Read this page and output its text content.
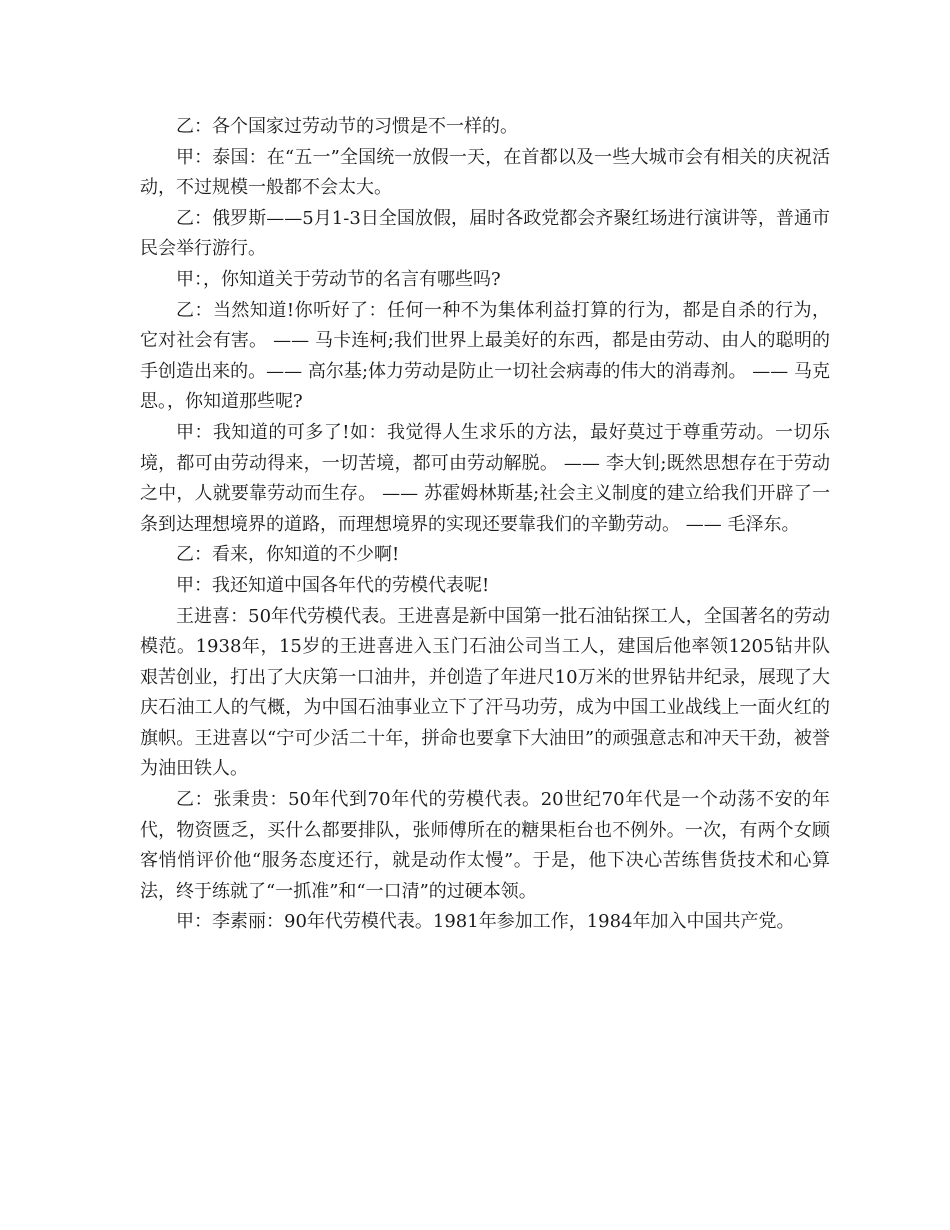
乙：各个国家过劳动节的习惯是不一样的。

甲：泰国：在“五一”全国统一放假一天，在首都以及一些大城市会有相关的庆祝活动，不过规模一般都不会太大。

乙：俄罗斯——5月1-3日全国放假，届时各政党都会齐聚红场进行演讲等，普通市民会举行游行。

甲：，你知道关于劳动节的名言有哪些吗?

乙：当然知道!你听好了：任何一种不为集体利益打算的行为，都是自杀的行为，它对社会有害。 —— 马卡连柯;我们世界上最美好的东西，都是由劳动、由人的聪明的手创造出来的。—— 高尔基;体力劳动是防止一切社会病毒的伟大的消毒剂。 —— 马克思。，你知道那些呢?

甲：我知道的可多了!如：我觉得人生求乐的方法，最好莫过于尊重劳动。一切乐境，都可由劳动得来，一切苦境，都可由劳动解脱。 —— 李大钊;既然思想存在于劳动之中，人就要靠劳动而生存。 —— 苏霍姆林斯基;社会主义制度的建立给我们开辟了一条到达理想境界的道路，而理想境界的实现还要靠我们的辛勤劳动。 —— 毛泽东。

乙：看来，你知道的不少啊!

甲：我还知道中国各年代的劳模代表呢!

王进喜：50年代劳模代表。王进喜是新中国第一批石油钻探工人，全国著名的劳动模范。1938年，15岁的王进喜进入玉门石油公司当工人，建国后他率领1205钻井队艰苦创业，打出了大庆第一口油井，并创造了年进尺10万米的世界钻井纪录，展现了大庆石油工人的气概，为中国石油事业立下了汗马功劳，成为中国工业战线上一面火红的旗帜。王进喜以“宁可少活二十年，拼命也要拿下大油田”的顽强意志和冲天干劲，被誉为油田铁人。

乙：张秉贵：50年代到70年代的劳模代表。20世纪70年代是一个动荡不安的年代，物资匮乏，买什么都要排队，张师傅所在的糖果柜台也不例外。一次，有两个女顾客悄悄评价他“服务态度还行，就是动作太慢”。于是，他下决心苦练售货技术和心算法，终于练就了“一抓准”和“一口清”的过硬本领。

甲：李素丽：90年代劳模代表。1981年参加工作，1984年加入中国共产党。
